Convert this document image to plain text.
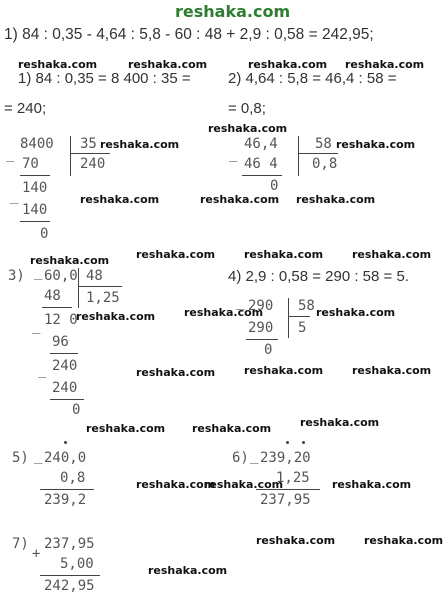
reshaka.com
1) 84 : 0,35 - 4,64 : 5,8 - 60 : 48 + 2,9 : 0,58 = 242,95;
reshaka.com	reshaka.com	reshaka.com reshaka.com
1) 84 : 0,35 = 8 400 : 35 = 2) 4,64 : 5,8 = 46,4 : 58 =
= 240;	= 0,8;
reshaka.com
8400 35 reshaka.com
240
_
70
_ 140
140
0
reshaka.com
_
46,4	58 reshaka.com
0,8
46 4
0
reshaka.com reshaka.com
reshaka.com	reshaka.com	reshaka.com
reshaka.com
3) _ 60,0 48
1,25
48
_ 12 0
reshaka.com
96
_ 240
240
0
reshaka.com
4) 2,9 : 0,58 = 290 : 58 = 5.
_ 290 58
5
290
0
reshaka.com	reshaka.com
reshaka.com	reshaka.com
reshaka.com reshaka.com	reshaka.com
5) _ 240,0
0,8
239,2
reshaka.com
6) _ 239,20
1,25
237,95
reshaka.com	reshaka.com
7) 237,95
+
5,00
242,95
reshaka.com	reshaka.com
reshaka.com
